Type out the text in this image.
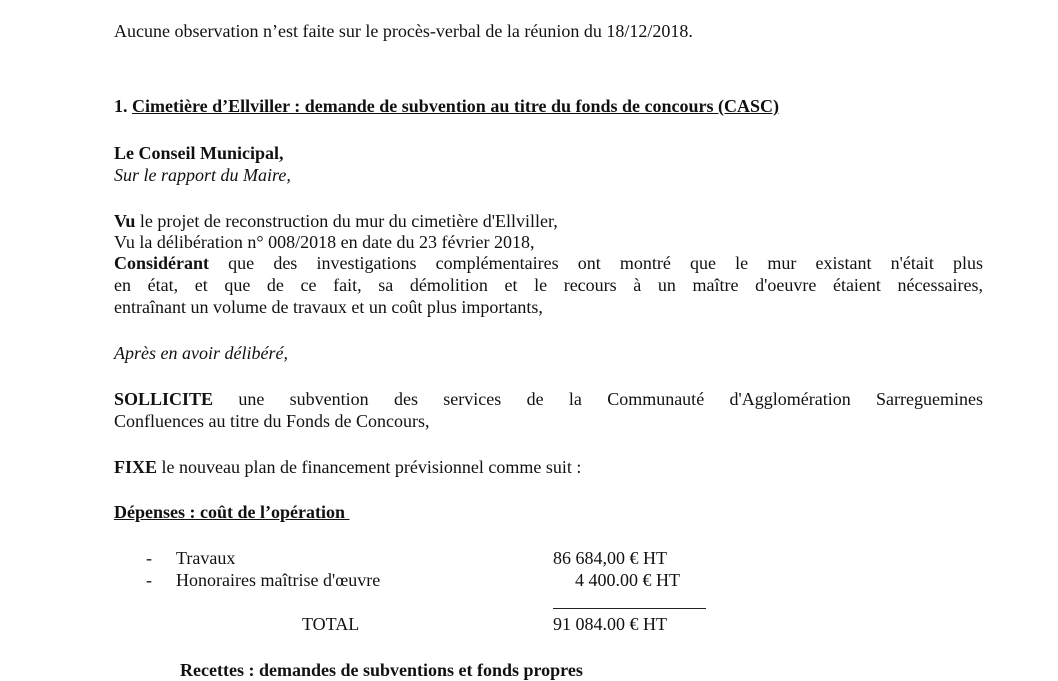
Aucune observation n’est faite sur le procès-verbal de la réunion du 18/12/2018.
1. Cimetière d’Ellviller : demande de subvention au titre du fonds de concours (CASC)
Le Conseil Municipal,
Sur le rapport du Maire,
Vu le projet de reconstruction du mur du cimetière d'Ellviller,
Vu la délibération n° 008/2018 en date du 23 février 2018,
Considérant que des investigations complémentaires ont montré que le mur existant n'était plus
en état, et que de ce fait, sa démolition et le recours à un maître d'oeuvre étaient nécessaires,
entraînant un volume de travaux et un coût plus importants,
Après en avoir délibéré,
SOLLICITE une subvention des services de la Communauté d'Agglomération Sarreguemines
Confluences au titre du Fonds de Concours,
FIXE le nouveau plan de financement prévisionnel comme suit :
Dépenses : coût de l’opération
- Travaux	86 684,00 € HT
- Honoraires maîtrise d'œuvre	4 400.00 € HT
TOTAL	91 084.00 € HT
Recettes : demandes de subventions et fonds propres
